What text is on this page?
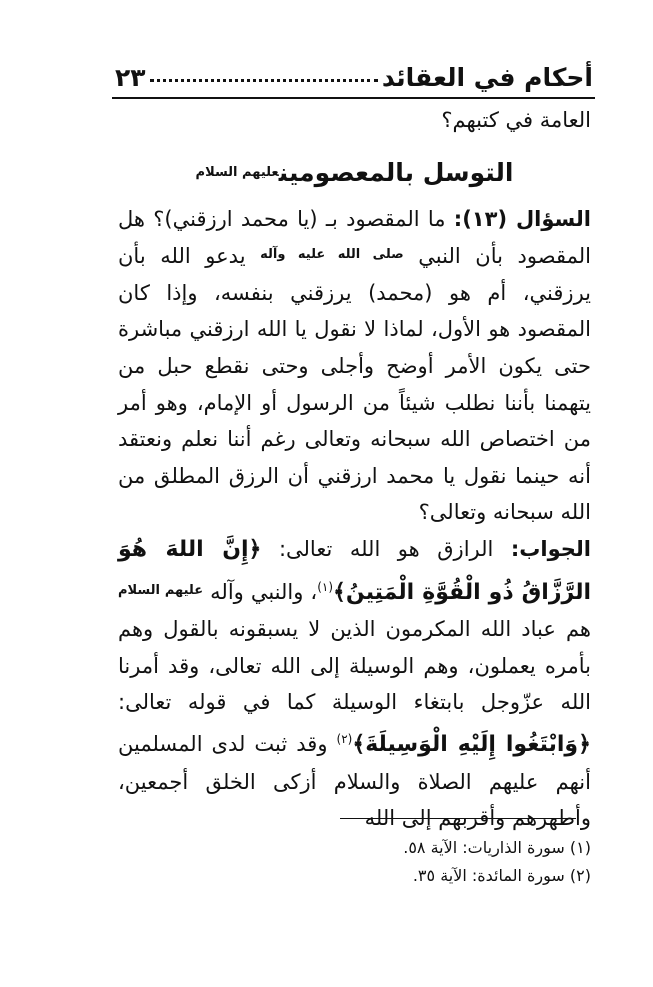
أحكام في العقائد
٢٣

العامة في كتبهم؟

التوسل بالمعصومين$^{عليهم السلام}$

السؤال (١٣): ما المقصود بـ (يا محمد ارزقني)؟ هل المقصود بأن النبي $^{صلى الله عليه وآله}$ يدعو الله بأن يرزقني، أم هو (محمد) يرزقني بنفسه، وإذا كان المقصود هو الأول، لماذا لا نقول يا الله ارزقني مباشرة حتى يكون الأمر أوضح وأجلى وحتى نقطع حبل من يتهمنا بأننا نطلب شيئاً من الرسول أو الإمام، وهو أمر من اختصاص الله سبحانه وتعالى رغم أننا نعلم ونعتقد أنه حينما نقول يا محمد ارزقني أن الرزق المطلق من الله سبحانه وتعالى؟

الجواب: الرازق هو الله تعالى: ﴿إِنَّ اللهَ هُوَ الرَّزَّاقُ ذُو الْقُوَّةِ الْمَتِينُ﴾$^{(١)}$، والنبي وآله $^{عليهم السلام}$ هم عباد الله المكرمون الذين لا يسبقونه بالقول وهم بأمره يعملون، وهم الوسيلة إلى الله تعالى، وقد أمرنا الله عزّوجل بابتغاء الوسيلة كما في قوله تعالى: ﴿وَابْتَغُوا إِلَيْهِ الْوَسِيلَةَ﴾$^{(٢)}$ وقد ثبت لدى المسلمين أنهم عليهم الصلاة والسلام أزكى الخلق أجمعين، وأطهرهم وأقربهم إلى الله

(١) سورة الذاريات: الآية ٥٨.
(٢) سورة المائدة: الآية ٣٥.
